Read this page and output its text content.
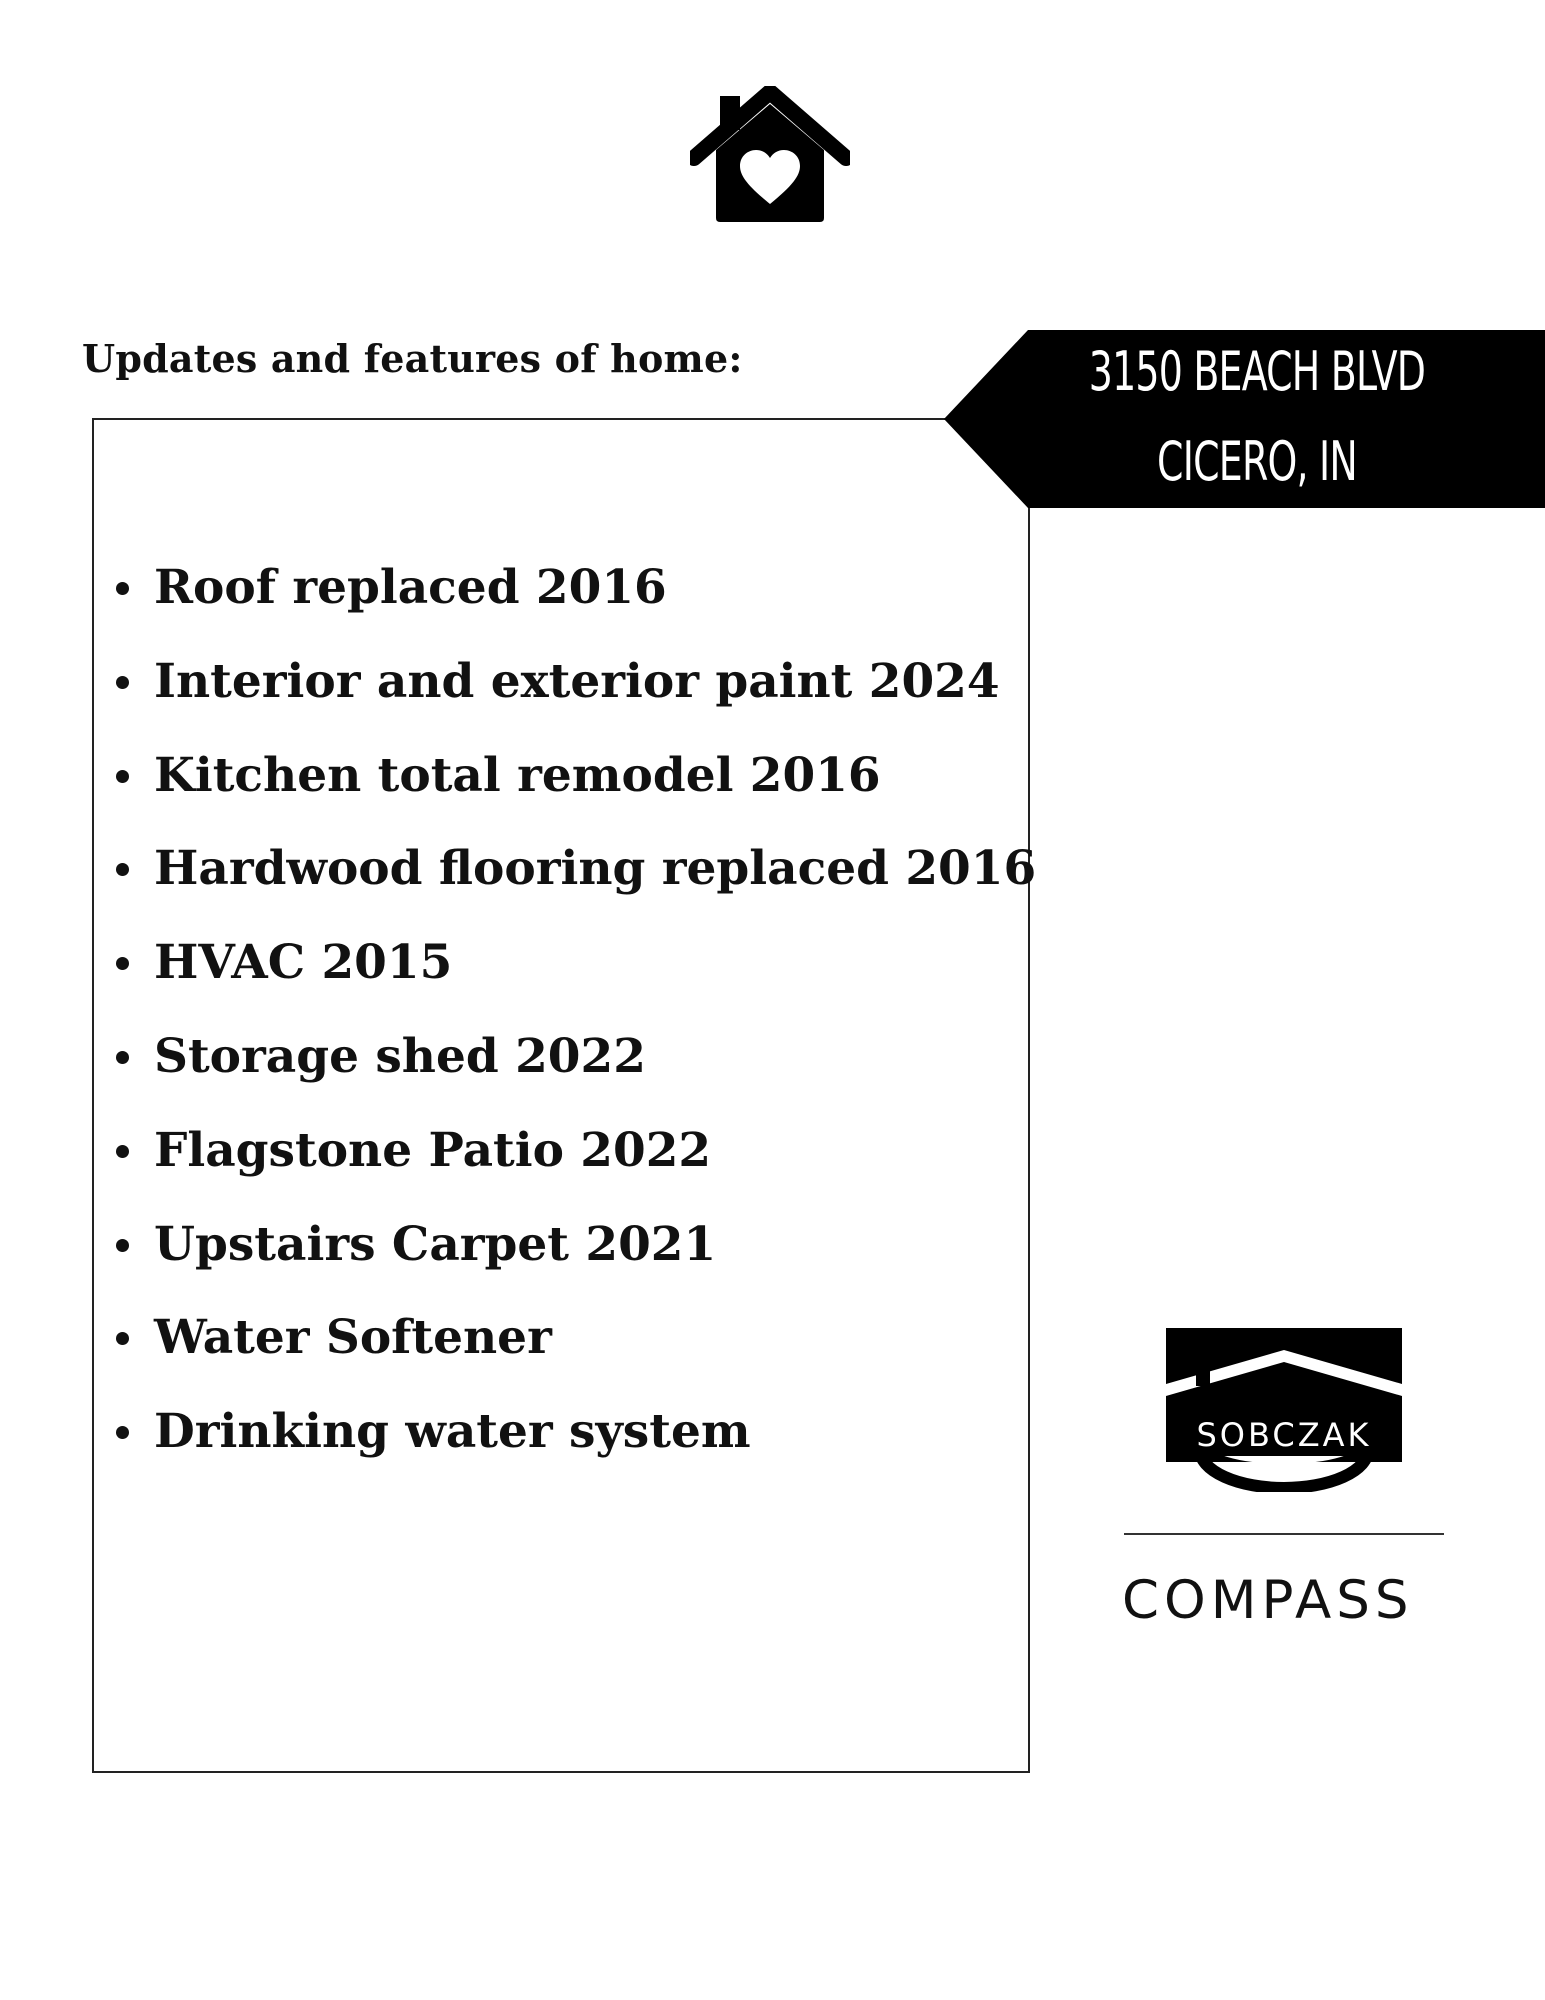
Updates and features of home:	3150 BEACH BLVD
CICERO, IN
Roof replaced 2016
Interior and exterior paint 2024
Kitchen total remodel 2016
Hardwood flooring replaced 2016
HVAC 2015
Storage shed 2022
Flagstone Patio 2022
Upstairs Carpet 2021
Water Softener
Drinking water system	SOBCZAK
COMPASS
